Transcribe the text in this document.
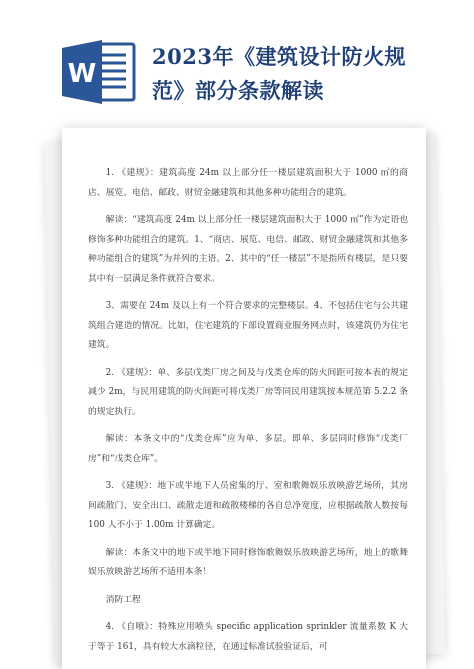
W
2023年《建筑设计防火规
范》部分条款解读

1. 《建规》：建筑高度 24m 以上部分任一楼层建筑面积大于 1000 ㎡的商店、展览、电信、邮政、财贸金融建筑和其他多种功能组合的建筑。

解读：“建筑高度 24m 以上部分任一楼层建筑面积大于 1000 ㎡”作为定语也修饰多种功能组合的建筑。1、“商店、展览、电信、邮政、财贸金融建筑和其他多种功能组合的建筑”为并列的主语。2、其中的“任一楼层”不是指所有楼层，是只要其中有一层满足条件就符合要求。

3、需要在 24m 及以上有一个符合要求的完整楼层。4、不包括住宅与公共建筑组合建造的情况。比如，住宅建筑的下部设置商业服务网点时，该建筑仍为住宅建筑。

2. 《建规》：单、多层戊类厂房之间及与戊类仓库的防火间距可按本表的规定减少 2m，与民用建筑的防火间距可将戊类厂房等同民用建筑按本规范第 5.2.2 条的规定执行。

解读：本条文中的“戊类仓库”应为单、多层。即单、多层同时修饰“戊类厂房”和“戊类仓库”。

3. 《建规》：地下或半地下人员密集的厅、室和歌舞娱乐放映游艺场所，其房间疏散门、安全出口、疏散走道和疏散楼梯的各自总净宽度，应根据疏散人数按每 100 人不小于 1.00m 计算确定。

解读：本条文中的地下或半地下同时修饰歌舞娱乐放映游艺场所，地上的歌舞娱乐放映游艺场所不适用本条！

消防工程

4. 《自喷》：特殊应用喷头 specific application sprinkler 流量系数 K 大于等于 161，具有较大水滴粒径，在通过标准试验验证后，可
